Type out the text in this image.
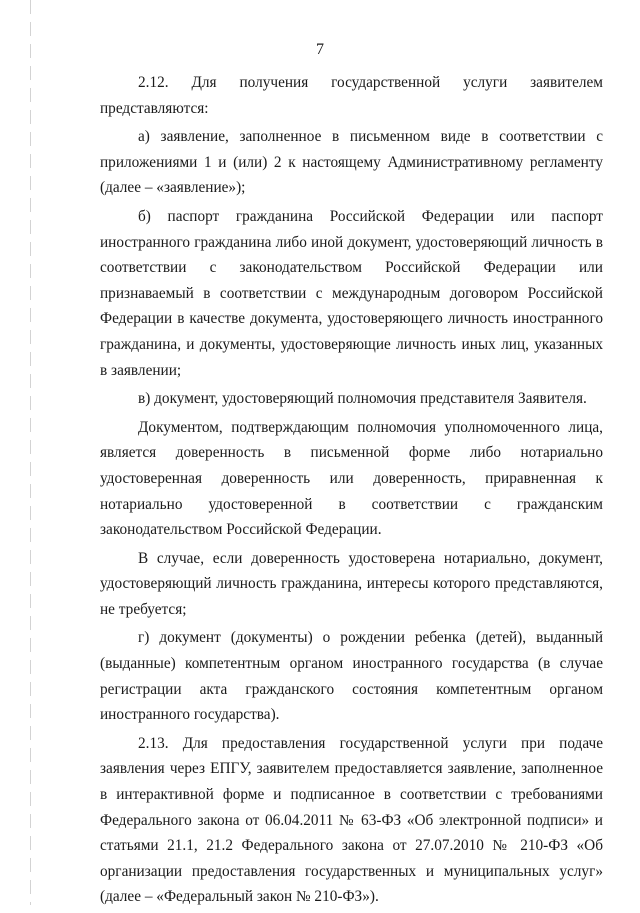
7

2.12. Для получения государственной услуги заявителем представляются:

а) заявление, заполненное в письменном виде в соответствии с приложениями 1 и (или) 2 к настоящему Административному регламенту (далее – «заявление»);

б) паспорт гражданина Российской Федерации или паспорт иностранного гражданина либо иной документ, удостоверяющий личность в соответствии с законодательством Российской Федерации или признаваемый в соответствии с международным договором Российской Федерации в качестве документа, удостоверяющего личность иностранного гражданина, и документы, удостоверяющие личность иных лиц, указанных в заявлении;

в) документ, удостоверяющий полномочия представителя Заявителя.

Документом, подтверждающим полномочия уполномоченного лица, является доверенность в письменной форме либо нотариально удостоверенная доверенность или доверенность, приравненная к нотариально удостоверенной в соответствии с гражданским законодательством Российской Федерации.

В случае, если доверенность удостоверена нотариально, документ, удостоверяющий личность гражданина, интересы которого представляются, не требуется;

г) документ (документы) о рождении ребенка (детей), выданный (выданные) компетентным органом иностранного государства (в случае регистрации акта гражданского состояния компетентным органом иностранного государства).

2.13. Для предоставления государственной услуги при подаче заявления через ЕПГУ, заявителем предоставляется заявление, заполненное в интерактивной форме и подписанное в соответствии с требованиями Федерального закона от 06.04.2011 № 63-ФЗ «Об электронной подписи» и статьями 21.1, 21.2 Федерального закона от 27.07.2010 № 210-ФЗ «Об организации предоставления государственных и муниципальных услуг» (далее – «Федеральный закон № 210-ФЗ»).
